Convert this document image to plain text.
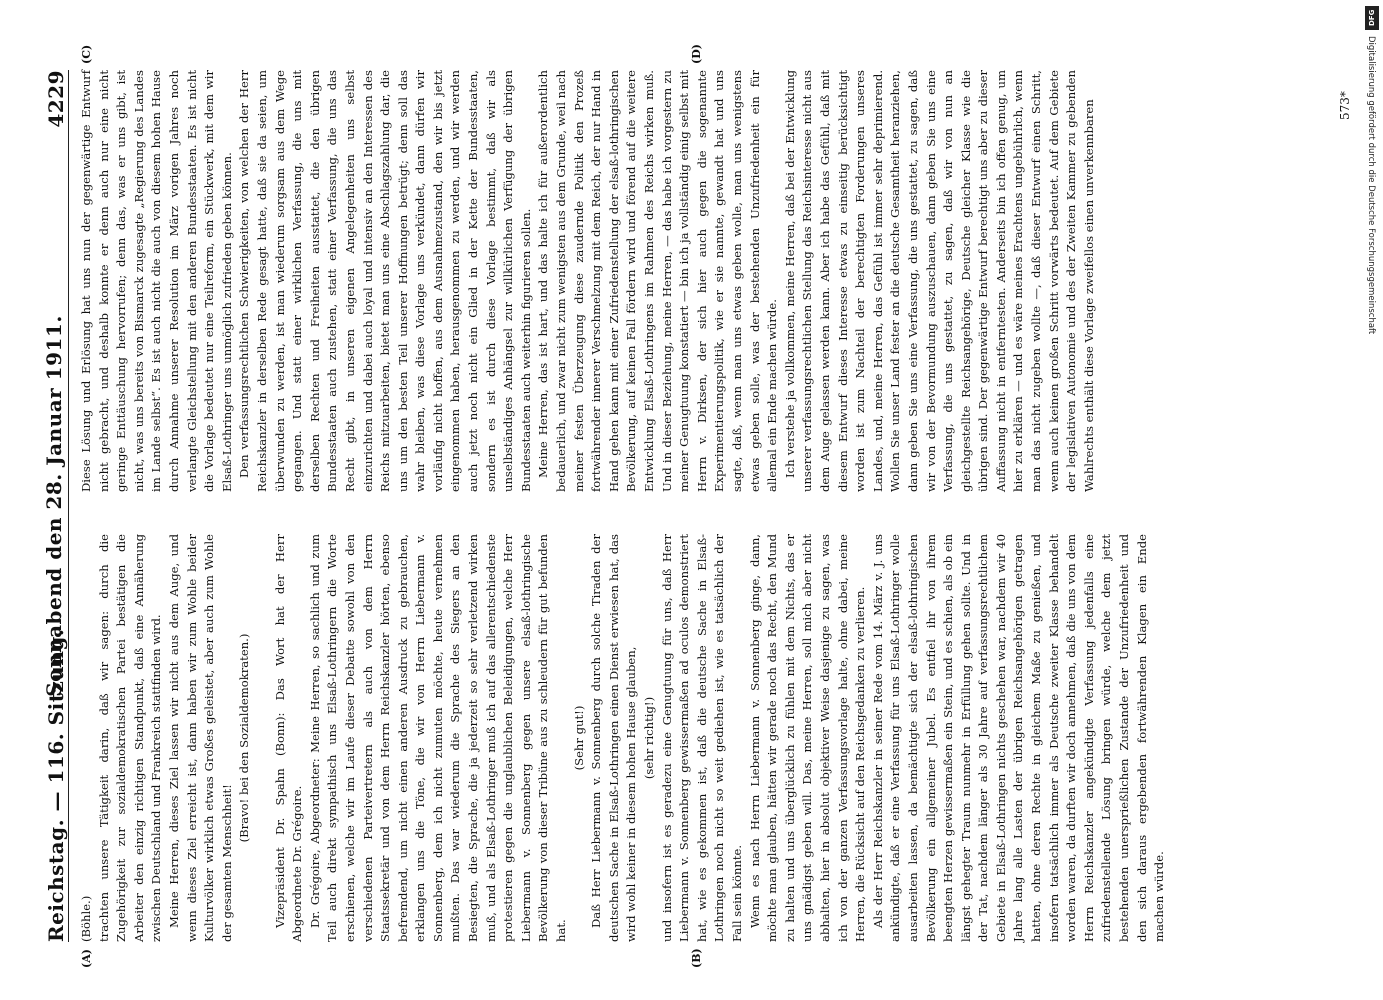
Reichstag. — 116. Sitzung.
Sonnabend den 28. Januar 1911.
4229
(A)	(B)
(C)	(D)

(Böhle.) trachten unsere Tätigkeit darin, daß wir sagen: durch die Zugehörigkeit zur sozialdemokratischen Partei bestätigen die Arbeiter den einzig richtigen Standpunkt, daß eine Annäherung zwischen Deutschland und Frankreich stattfinden wird. Meine Herren, dieses Ziel lassen wir nicht aus dem Auge, und wenn dieses Ziel erreicht ist, dann haben wir zum Wohle beider Kulturvölker wirklich etwas Großes geleistet, aber auch zum Wohle der gesamten Menschheit!

(Bravo! bei den Sozialdemokraten.) Vizepräsident Dr. Spahn (Bonn): Das Wort hat der Herr Abgeordnete Dr. Grégoire. Dr. Grégoire, Abgeordneter: Meine Herren, so sachlich und zum Teil auch direkt sympathisch uns Elsaß-Lothringern die Worte erschienen, welche wir im Laufe dieser Debatte sowohl von den verschiedenen Parteivertretern als auch von dem Herrn Staatssekretär und von dem Herrn Reichskanzler hörten, ebenso befremdend, um nicht einen anderen Ausdruck zu gebrauchen, erklangen uns die Töne, die wir von Herrn Liebermann v. Sonnenberg, dem ich nicht zumuten möchte, heute vernehmen mußten. Das war wiederum die Sprache des Siegers an den Besiegten, die Sprache, die ja jederzeit so sehr verletzend wirken muß, und als Elsaß-Lothringer muß ich auf das allerentschiedenste protestieren gegen die unglaublichen Beleidigungen, welche Herr Liebermann v. Sonnenberg gegen unsere elsaß-lothringische Bevölkerung von dieser Tribüne aus zu schleudern für gut befunden hat.

(Sehr gut!) Daß Herr Liebermann v. Sonnenberg durch solche Tiraden der deutschen Sache in Elsaß-Lothringen einen Dienst erwiesen hat, das wird wohl keiner in diesem hohen Hause glauben, (sehr richtig!) und insofern ist es geradezu eine Genugtuung für uns, daß Herr Liebermann v. Sonnenberg gewissermaßen ad oculos demonstriert hat, wie es gekommen ist, daß die deutsche Sache in Elsaß-Lothringen noch nicht so weit gediehen ist, wie es tatsächlich der Fall sein könnte. Wenn es nach Herrn Liebermann v. Sonnenberg ginge, dann, möchte man glauben, hätten wir gerade noch das Recht, den Mund zu halten und uns überglücklich zu fühlen mit dem Nichts, das er uns gnädigst geben will. Das, meine Herren, soll mich aber nicht abhalten, hier in absolut objektiver Weise dasjenige zu sagen, was ich von der ganzen Verfassungsvorlage halte, ohne dabei, meine Herren, die Rücksicht auf den Reichsgedanken zu verlieren. Als der Herr Reichskanzler in seiner Rede vom 14. März v. J. uns ankündigte, daß er eine Verfassung für uns Elsaß-Lothringer wolle ausarbeiten lassen, da bemächtigte sich der elsaß-lothringischen Bevölkerung ein allgemeiner Jubel. Es entfiel ihr von ihrem beengten Herzen gewissermaßen ein Stein, und es schien, als ob ein längst gehegter Traum nunmehr in Erfüllung gehen sollte. Und in der Tat, nachdem länger als 30 Jahre auf verfassungsrechtlichem Gebiete in Elsaß-Lothringen nichts geschehen war, nachdem wir 40 Jahre lang alle Lasten der übrigen Reichsangehörigen getragen hatten, ohne deren Rechte in gleichem Maße zu genießen, und insofern tatsächlich immer als Deutsche zweiter Klasse behandelt worden waren, da durften wir doch annehmen, daß die uns von dem Herrn Reichskanzler angekündigte Verfassung jedenfalls eine zufriedenstellende Lösung bringen würde, welche dem jetzt bestehenden unersprießlichen Zustande der Unzufriedenheit und den sich daraus ergebenden fortwährenden Klagen ein Ende machen würde.

Diese Lösung und Erlösung hat uns nun der gegenwärtige Entwurf nicht gebracht, und deshalb konnte er denn auch nur eine nicht geringe Enttäuschung hervorrufen; denn das, was er uns gibt, ist nicht, was uns bereits von Bismarck zugesagte „Regierung des Landes im Lande selbst“. Es ist auch nicht die auch von diesem hohen Hause durch Annahme unserer Resolution im März vorigen Jahres noch verlangte Gleichstellung mit den anderen Bundesstaaten. Es ist nicht die Vorlage bedeutet nur eine Teilreform, ein Stückwerk, mit dem wir Elsaß-Lothringer uns unmöglich zufrieden geben können. Den verfassungsrechtlichen Schwierigkeiten, von welchen der Herr Reichskanzler in derselben Rede gesagt hatte, daß sie da seien, um überwunden zu werden, ist man wiederum sorgsam aus dem Wege gegangen. Und statt einer wirklichen Verfassung, die uns mit derselben Rechten und Freiheiten ausstattet, die den übrigen Bundesstaaten auch zustehen, statt einer Verfassung, die uns das Recht gibt, in unseren eigenen Angelegenheiten uns selbst einzurichten und dabei auch loyal und intensiv an den Interessen des Reichs mitzuarbeiten, bietet man uns eine Abschlagszahlung dar, die uns um den besten Teil unserer Hoffnungen betrügt; denn soll das wahr bleiben, was diese Vorlage uns verkündet, dann dürfen wir vorläufig nicht hoffen, aus dem Ausnahmezustand, den wir bis jetzt eingenommen haben, herausgenommen zu werden, und wir werden auch jetzt noch nicht ein Glied in der Kette der Bundesstaaten, sondern es ist durch diese Vorlage bestimmt, daß wir als unselbständiges Anhängsel zur willkürlichen Verfügung der übrigen Bundesstaaten auch weiterhin figurieren sollen. Meine Herren, das ist hart, und das halte ich für außerordentlich bedauerlich, und zwar nicht zum wenigsten aus dem Grunde, weil nach meiner festen Überzeugung diese zaudernde Politik den Prozeß fortwährender innerer Verschmelzung mit dem Reich, der nur Hand in Hand gehen kann mit einer Zufriedenstellung der elsaß-lothringischen Bevölkerung, auf keinen Fall fördern wird und förend auf die weitere Entwicklung Elsaß-Lothringens im Rahmen des Reichs wirken muß. Und in dieser Beziehung, meine Herren, — das habe ich vorgestern zu meiner Genugtuung konstatiert — bin ich ja vollständig einig selbst mit Herrn v. Dirksen, der sich hier auch gegen die sogenannte Experimentierungspolitik, wie er sie nannte, gewandt hat und uns sagte, daß, wenn man uns etwas geben wolle, man uns wenigstens etwas geben solle, was der bestehenden Unzufriedenheit ein für allemal ein Ende machen würde. Ich verstehe ja vollkommen, meine Herren, daß bei der Entwicklung unserer verfassungsrechtlichen Stellung das Reichsinteresse nicht aus dem Auge gelassen werden kann. Aber ich habe das Gefühl, daß mit diesem Entwurf dieses Interesse etwas zu einseitig berücksichtigt worden ist zum Nachteil der berechtigten Forderungen unseres Landes, und, meine Herren, das Gefühl ist immer sehr deprimierend. Wollen Sie unser Land fester an die deutsche Gesamtheit heranziehen, dann geben Sie uns eine Verfassung, die uns gestattet, zu sagen, daß wir von der Bevormundung auszuschauen, dann geben Sie uns eine Verfassung, die uns gestattet, zu sagen, daß wir von nun an gleichgestellte Reichsangehörige, Deutsche gleicher Klasse wie die übrigen sind. Der gegenwärtige Entwurf berechtigt uns aber zu dieser Auffassung nicht in entferntesten. Anderseits bin ich offen genug, um hier zu erklären — und es wäre meines Erachtens ungebührlich, wenn man das nicht zugeben wollte —, daß dieser Entwurf einen Schritt, wenn auch keinen großen Schritt vorwärts bedeutet. Auf dem Gebiete der legislativen Autonomie und des der Zweiten Kammer zu gebenden Wahlrechts enthält diese Vorlage zweifellos einen unverkennbaren	573*
DFG
Digitalisierung gefördert durch die Deutsche Forschungsgemeinschaft
